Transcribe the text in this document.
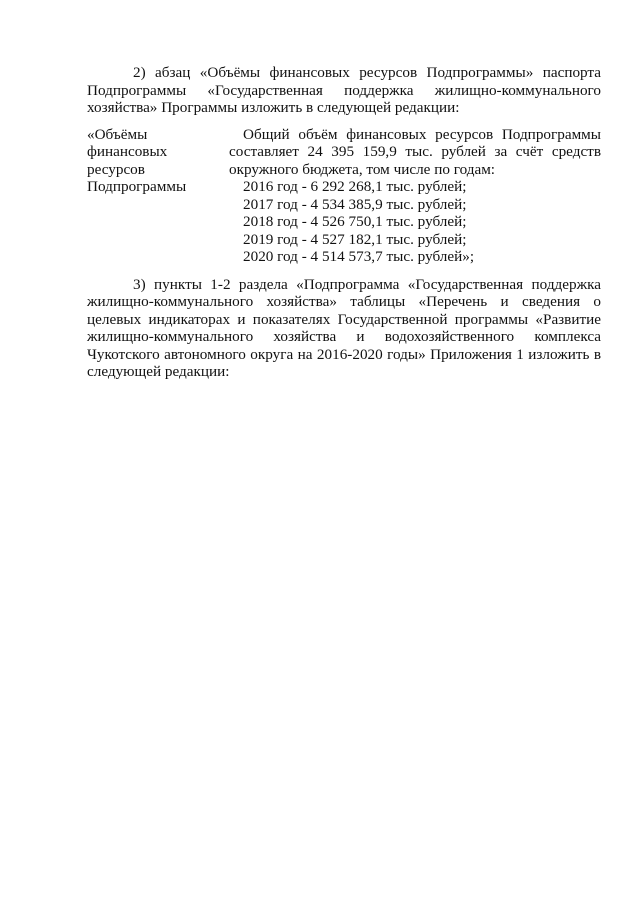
2) абзац «Объёмы финансовых ресурсов Подпрограммы» паспорта Подпрограммы «Государственная поддержка жилищно-коммунального хозяйства» Программы изложить в следующей редакции:

«Объёмы
финансовых
ресурсов
Подпрограммы
Общий объём финансовых ресурсов Подпрограммы составляет 24 395 159,9 тыс. рублей за счёт средств окружного бюджета, том числе по годам:
2016 год - 6 292 268,1 тыс. рублей;
2017 год - 4 534 385,9 тыс. рублей;
2018 год - 4 526 750,1 тыс. рублей;
2019 год - 4 527 182,1 тыс. рублей;
2020 год - 4 514 573,7 тыс. рублей»;

3) пункты 1-2 раздела «Подпрограмма «Государственная поддержка жилищно-коммунального хозяйства» таблицы «Перечень и сведения о целевых индикаторах и показателях Государственной программы «Развитие жилищно-коммунального хозяйства и водохозяйственного комплекса Чукотского автономного округа на 2016-2020 годы» Приложения 1 изложить в следующей редакции:
